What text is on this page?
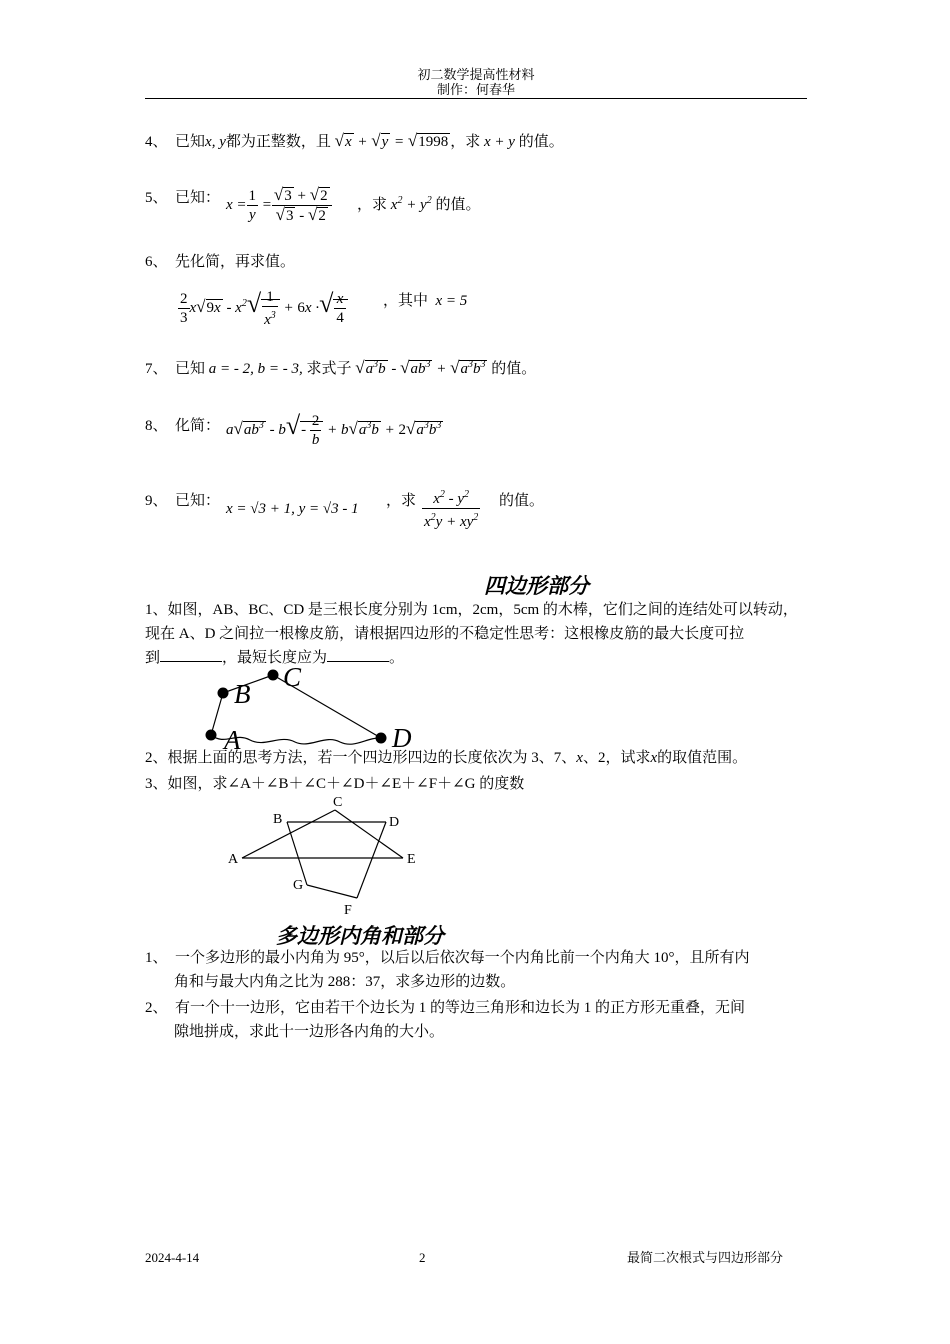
初二数学提高性材料
制作：何春华
4、 已知x, y都为正整数，且 √x + √y = √1998 ，求 x + y 的值。
5、 已知： $x = \frac{1}{y} = \frac{√3 + √2}{√3 - √2}$ ，求 $x^2 + y^2$ 的值。
6、 先化简，再求值。
$\frac{2}{3} x√9x - x^2√ \frac{1}{x^3} + 6x$ ·√ $\frac{x}{4}$ ，其中 x = 5
7、 已知 a = - 2, b = - 3, 求式子 $√a^3b - √ab^3 + √a^3b^3$ 的值。
8、 化简： $a√ab^3 - b√- \frac{2}{b} + b√a^3b + 2√a^3b^3$
9、 已知： x = √3 + 1, y = √3 - 1 ，求 $\frac{x^2 - y^2}{x^2y + xy^2}$ 的值。
四边形部分
1、如图，AB、BC、CD 是三根长度分别为 1cm，2cm，5cm 的木棒，它们之间的连结处可以转动，
现在 A、D 之间拉一根橡皮筋，请根据四边形的不稳定性思考：这根橡皮筋的最大长度可拉
到	，最短长度应为	。
B
C
A	D
2、根据上面的思考方法，若一个四边形四边的长度依次为 3、7、x、2，试求x的取值范围。
3、如图，求∠A＋∠B＋∠C＋∠D＋∠E＋∠F＋∠G 的度数
A
B
C
D
E
F
G
多边形内角和部分
1、 一个多边形的最小内角为 95°，以后以后依次每一个内角比前一个内角大 10°，且所有内
角和与最大内角之比为 288：37，求多边形的边数。
2、 有一个十一边形，它由若干个边长为 1 的等边三角形和边长为 1 的正方形无重叠，无间
隙地拼成，求此十一边形各内角的大小。
2024-4-14	2	最简二次根式与四边形部分
